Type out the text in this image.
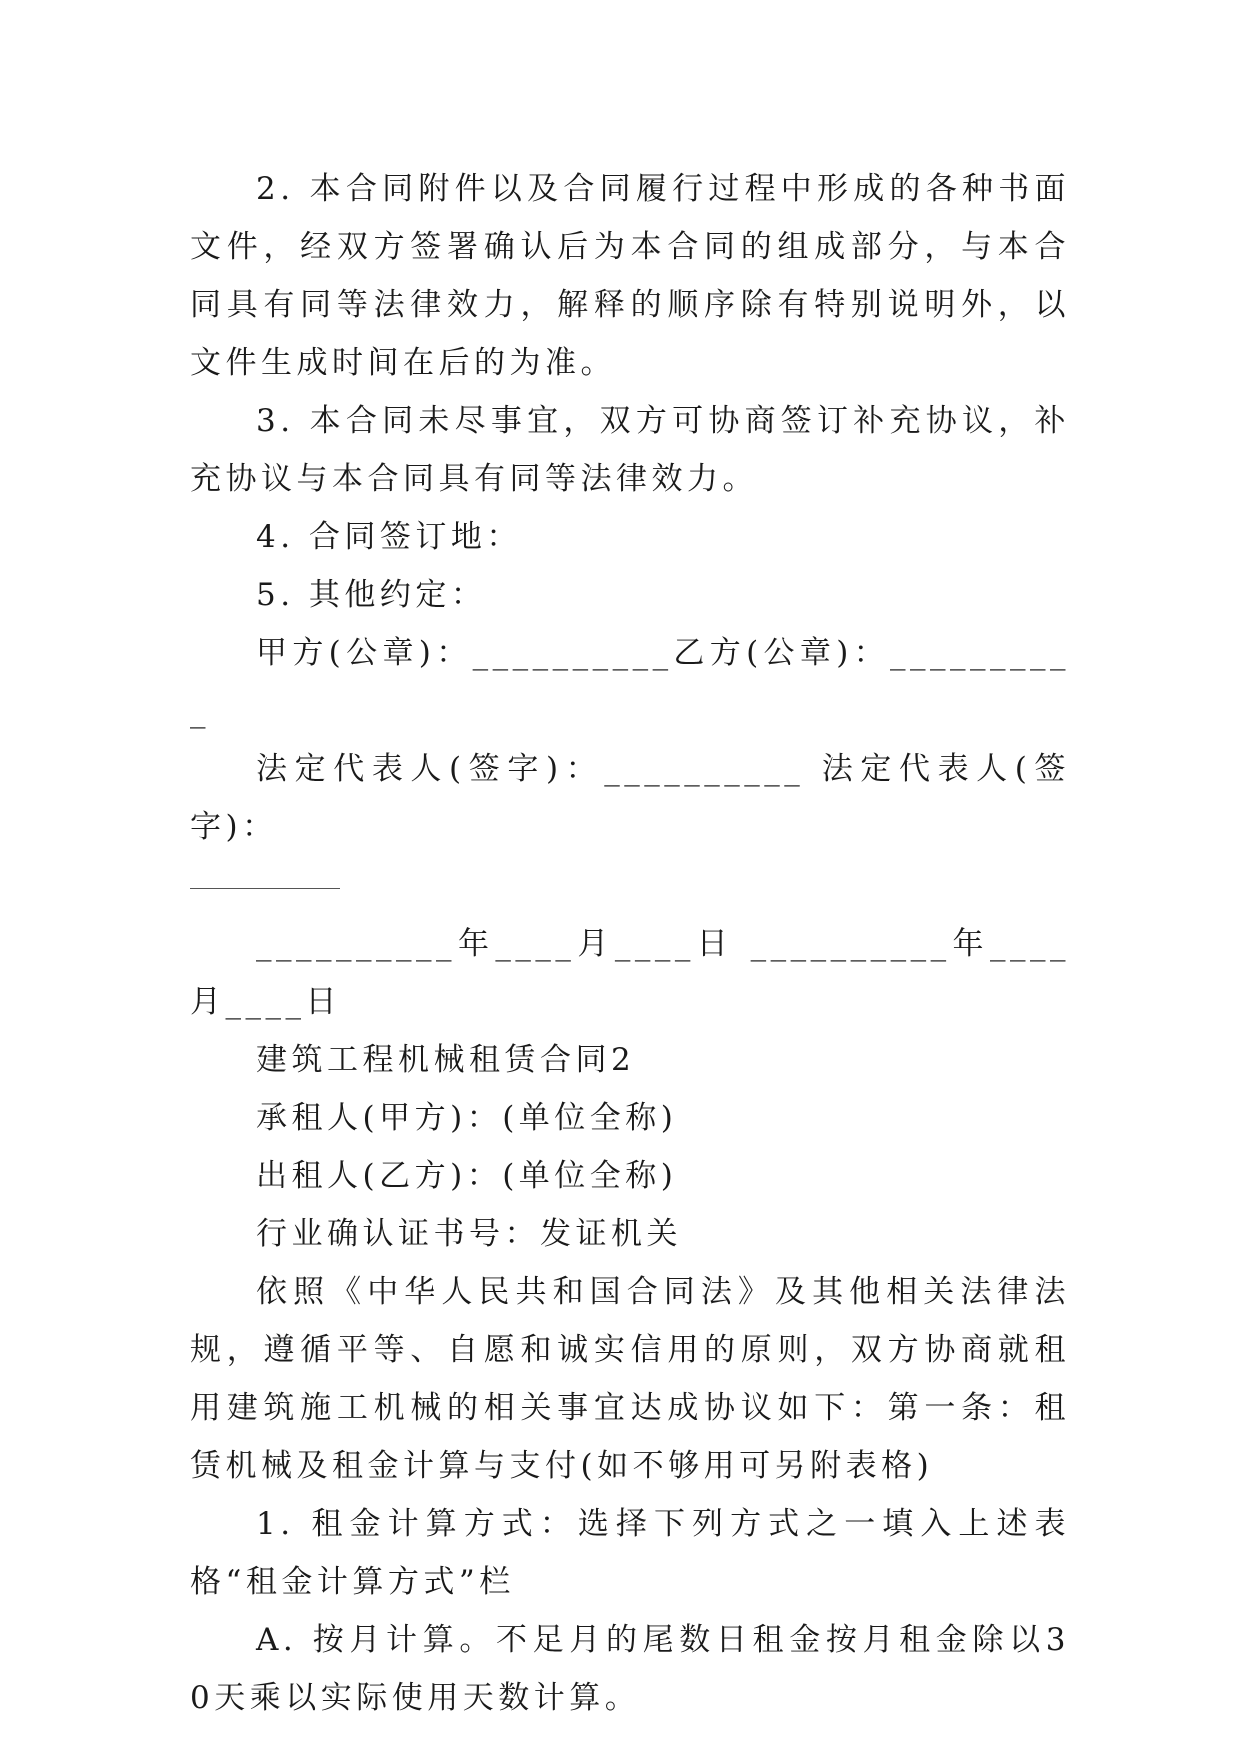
2. 本合同附件以及合同履行过程中形成的各种书面文件，经双方签署确认后为本合同的组成部分，与本合同具有同等法律效力，解释的顺序除有特别说明外，以文件生成时间在后的为准。

3. 本合同未尽事宜，双方可协商签订补充协议，补充协议与本合同具有同等法律效力。

4. 合同签订地：

5. 其他约定：

甲方(公章)：__________乙方(公章)：__________

法定代表人(签字)：__________ 法定代表人(签字)：

__________年____月____日 __________年____月____日

建筑工程机械租赁合同2

承租人(甲方)：(单位全称)

出租人(乙方)：(单位全称)

行业确认证书号：发证机关

依照《中华人民共和国合同法》及其他相关法律法规，遵循平等、自愿和诚实信用的原则，双方协商就租用建筑施工机械的相关事宜达成协议如下：第一条：租赁机械及租金计算与支付(如不够用可另附表格)

1. 租金计算方式：选择下列方式之一填入上述表格“租金计算方式”栏

A. 按月计算。不足月的尾数日租金按月租金除以30天乘以实际使用天数计算。
